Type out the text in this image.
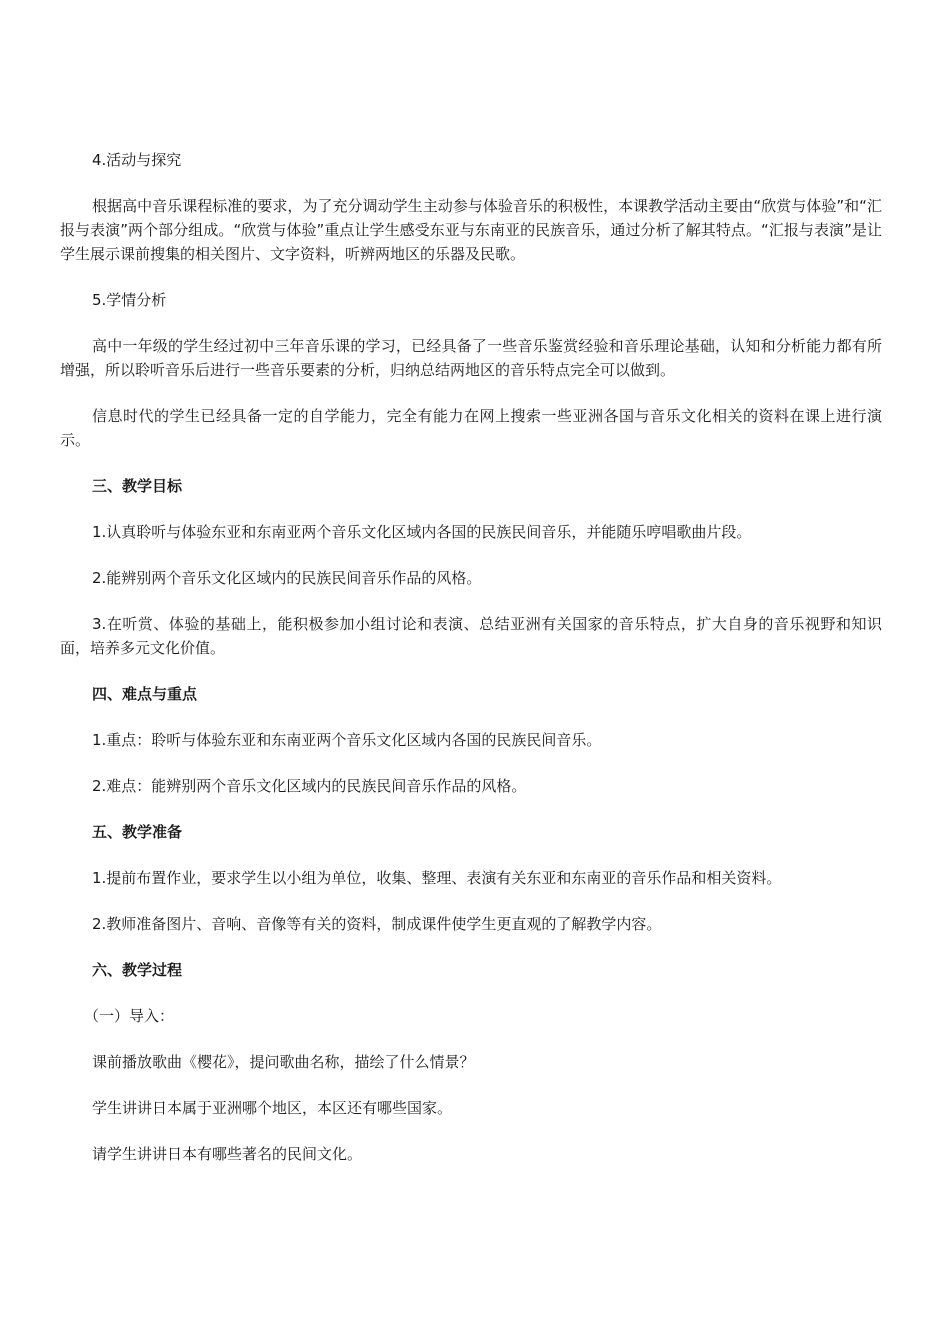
4.活动与探究

根据高中音乐课程标准的要求，为了充分调动学生主动参与体验音乐的积极性，本课教学活动主要由“欣赏与体验”和“汇报与表演”两个部分组成。“欣赏与体验”重点让学生感受东亚与东南亚的民族音乐，通过分析了解其特点。“汇报与表演”是让学生展示课前搜集的相关图片、文字资料，听辨两地区的乐器及民歌。

5.学情分析

高中一年级的学生经过初中三年音乐课的学习，已经具备了一些音乐鉴赏经验和音乐理论基础，认知和分析能力都有所增强，所以聆听音乐后进行一些音乐要素的分析，归纳总结两地区的音乐特点完全可以做到。

信息时代的学生已经具备一定的自学能力，完全有能力在网上搜索一些亚洲各国与音乐文化相关的资料在课上进行演示。

三、教学目标

1.认真聆听与体验东亚和东南亚两个音乐文化区域内各国的民族民间音乐，并能随乐哼唱歌曲片段。

2.能辨别两个音乐文化区域内的民族民间音乐作品的风格。

3.在听赏、体验的基础上，能积极参加小组讨论和表演、总结亚洲有关国家的音乐特点，扩大自身的音乐视野和知识面，培养多元文化价值。

四、难点与重点

1.重点：聆听与体验东亚和东南亚两个音乐文化区域内各国的民族民间音乐。

2.难点：能辨别两个音乐文化区域内的民族民间音乐作品的风格。

五、教学准备

1.提前布置作业，要求学生以小组为单位，收集、整理、表演有关东亚和东南亚的音乐作品和相关资料。

2.教师准备图片、音响、音像等有关的资料，制成课件使学生更直观的了解教学内容。

六、教学过程

（一）导入：

课前播放歌曲《樱花》，提问歌曲名称，描绘了什么情景？

学生讲讲日本属于亚洲哪个地区，本区还有哪些国家。

请学生讲讲日本有哪些著名的民间文化。
